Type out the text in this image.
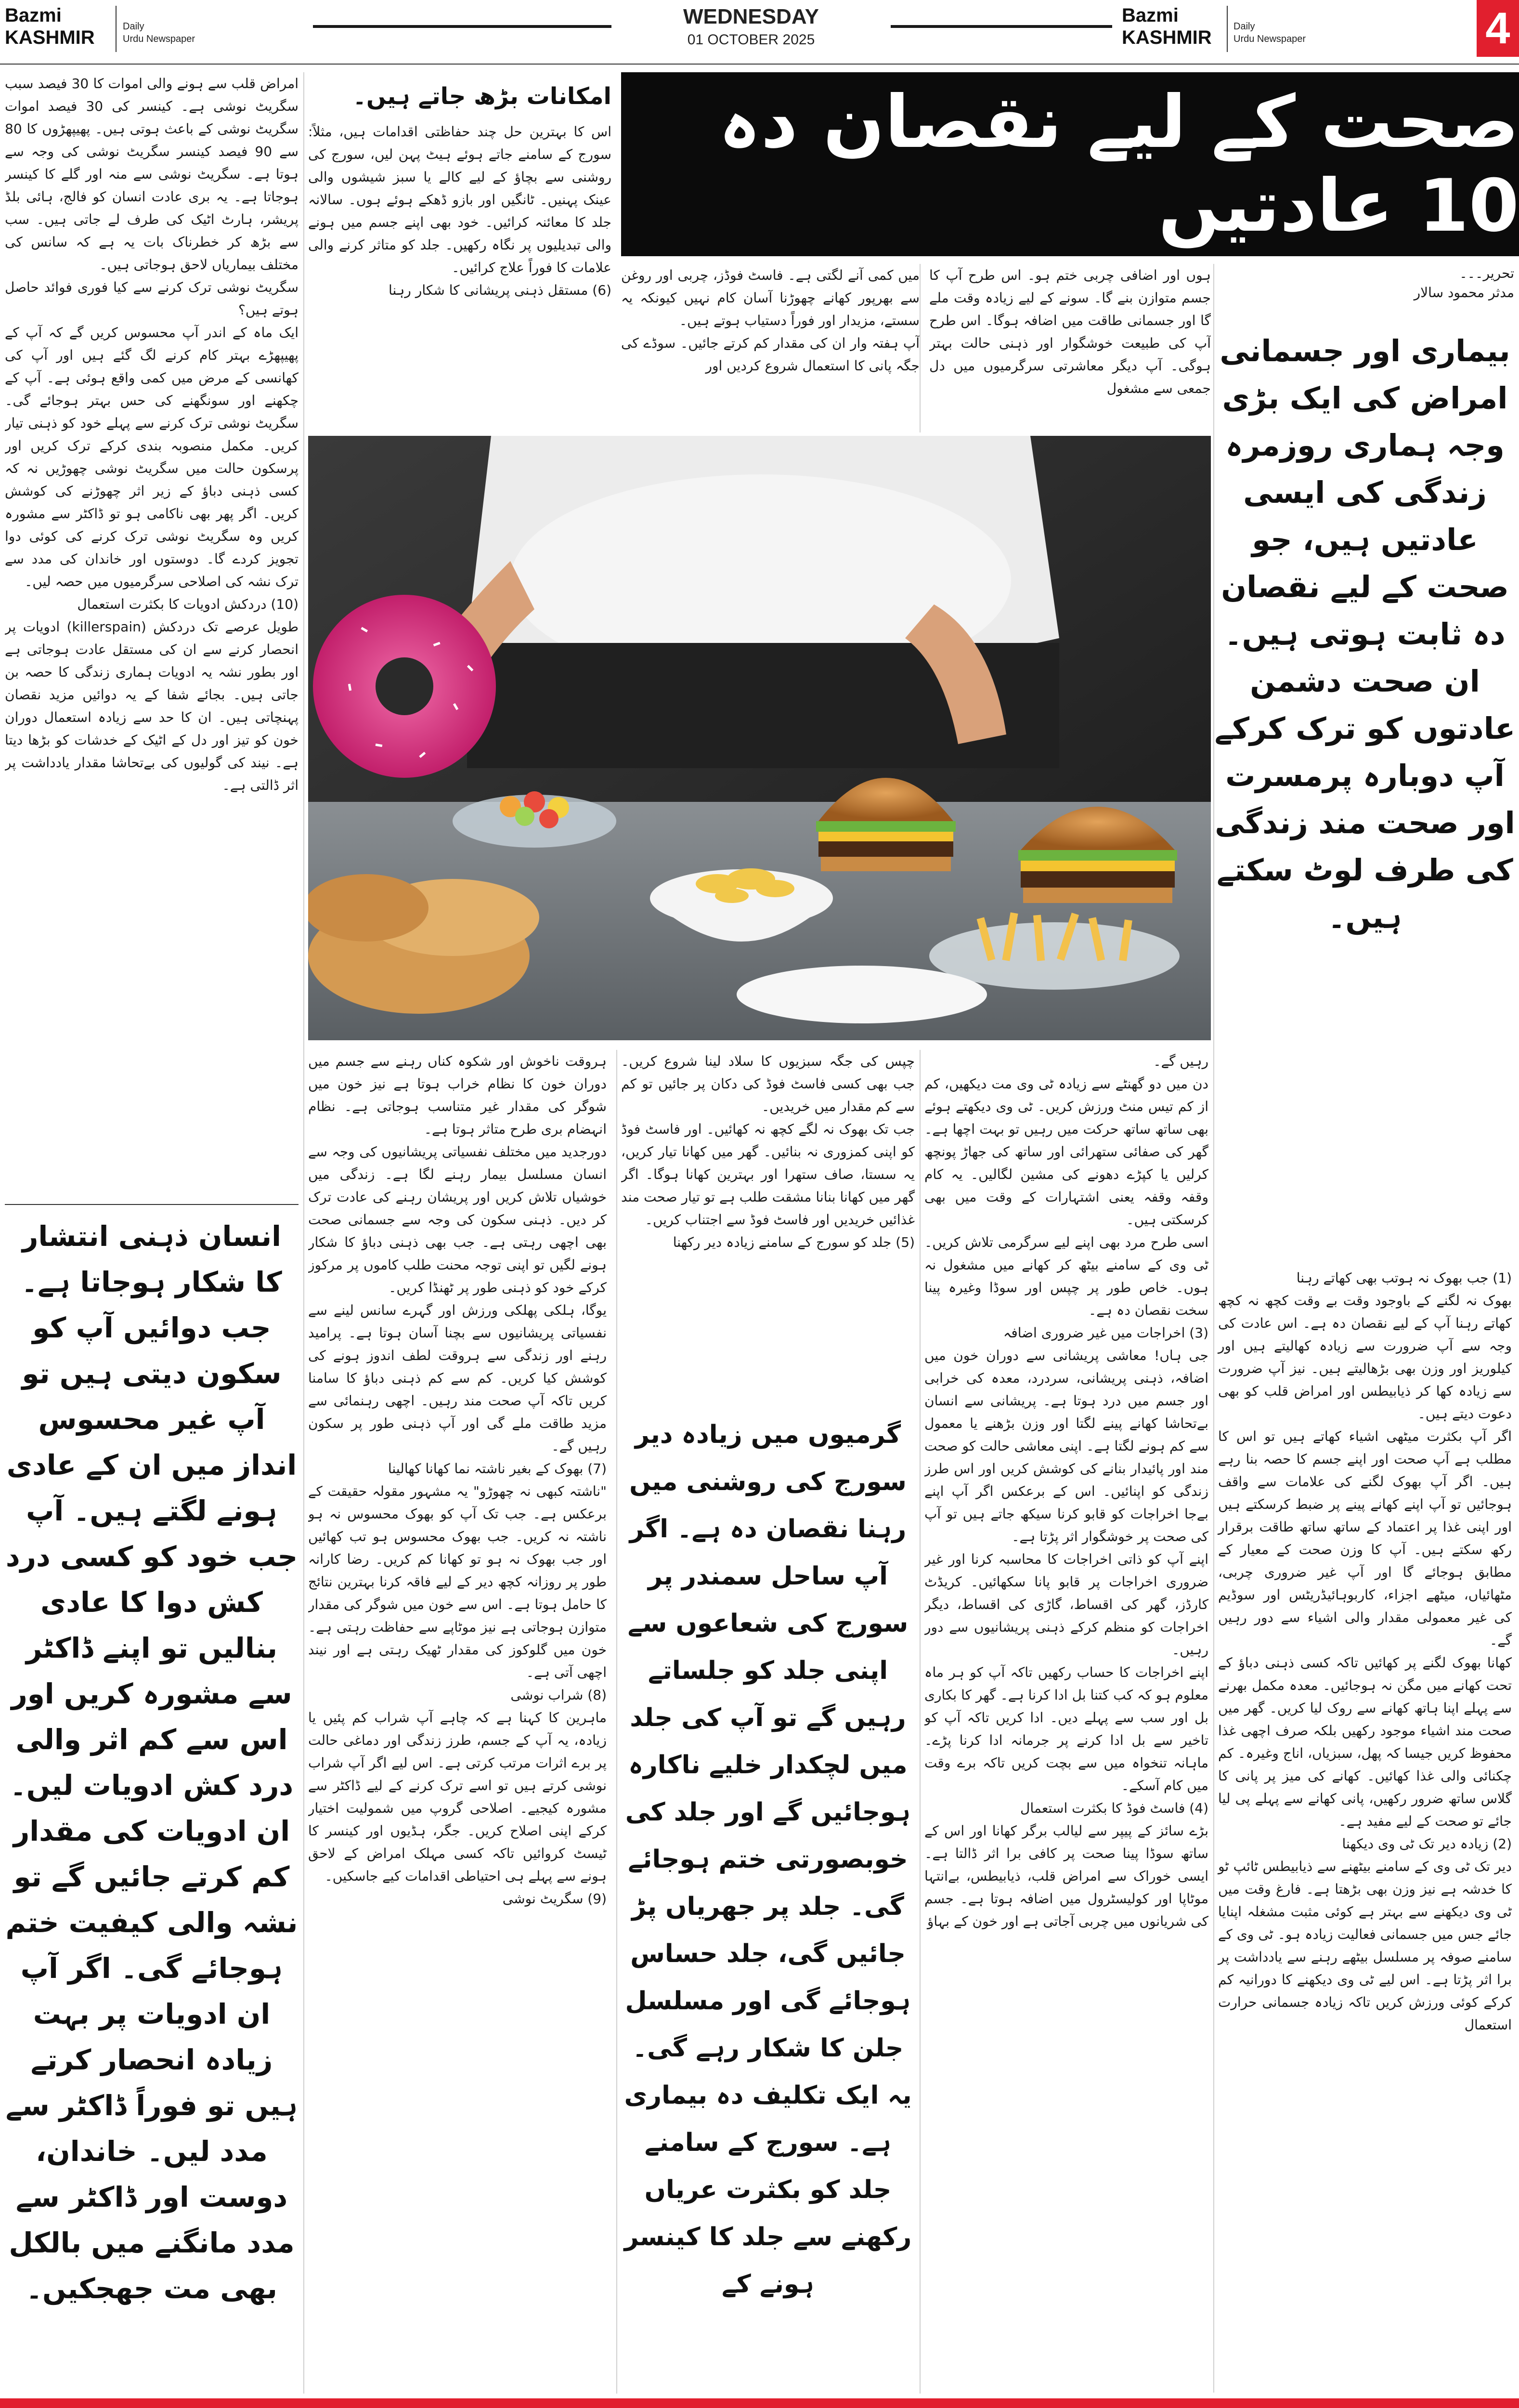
Bazmi
KASHMIR
Daily
Urdu Newspaper
WEDNESDAY
01 OCTOBER 2025
Bazmi
KASHMIR
Daily
Urdu Newspaper	4
صحت کے لیے نقصان دہ 10 عادتیں

تحریر۔۔۔
مدثر محمود سالار

بیماری اور جسمانی امراض کی ایک بڑی وجہ ہماری روزمرہ زندگی کی ایسی عادتیں ہیں، جو صحت کے لیے نقصان دہ ثابت ہوتی ہیں۔ان صحت دشمن عادتوں کو ترک کرکے آپ دوبارہ پرمسرت اور صحت مند زندگی کی طرف لوٹ سکتے ہیں۔

(1) جب بھوک نہ ہوتب بھی کھاتے رہنا
بھوک نہ لگنے کے باوجود وقت بے وقت کچھ نہ کچھ کھاتے رہنا آپ کے لیے نقصان دہ ہے۔ اس عادت کی وجہ سے آپ ضرورت سے زیادہ کھالیتے ہیں اور کیلوریز اور وزن بھی بڑھالیتے ہیں۔ نیز آپ ضرورت سے زیادہ کھا کر ذیابیطس اور امراض قلب کو بھی دعوت دیتے ہیں۔
اگر آپ بکثرت میٹھی اشیاء کھاتے ہیں تو اس کا مطلب ہے آپ صحت اور اپنے جسم کا حصہ بنا رہے ہیں۔ اگر آپ بھوک لگنے کی علامات سے واقف ہوجائیں تو آپ اپنے کھانے پینے پر ضبط کرسکتے ہیں اور اپنی غذا پر اعتماد کے ساتھ ساتھ طاقت برقرار رکھ سکتے ہیں۔ آپ کا وزن صحت کے معیار کے مطابق ہوجائے گا اور آپ غیر ضروری چربی، مٹھائیاں، میٹھے اجزاء، کاربوہائیڈریٹس اور سوڈیم کی غیر معمولی مقدار والی اشیاء سے دور رہیں گے۔
کھانا بھوک لگنے پر کھائیں تاکہ کسی ذہنی دباؤ کے تحت کھانے میں مگن نہ ہوجائیں۔ معدہ مکمل بھرنے سے پہلے اپنا ہاتھ کھانے سے روک لیا کریں۔ گھر میں صحت مند اشیاء موجود رکھیں بلکہ صرف اچھی غذا محفوظ کریں جیسا کہ پھل، سبزیاں، اناج وغیرہ۔ کم چکنائی والی غذا کھائیں۔ کھانے کی میز پر پانی کا گلاس ساتھ ضرور رکھیں، پانی کھانے سے پہلے پی لیا جائے تو صحت کے لیے مفید ہے۔
(2) زیادہ دیر تک ٹی وی دیکھنا
دیر تک ٹی وی کے سامنے بیٹھنے سے ذیابیطس ٹائپ ٹو کا خدشہ ہے نیز وزن بھی بڑھتا ہے۔ فارغ وقت میں ٹی وی دیکھنے سے بہتر ہے کوئی مثبت مشغلہ اپنایا جائے جس میں جسمانی فعالیت زیادہ ہو۔ ٹی وی کے سامنے صوفہ پر مسلسل بیٹھے رہنے سے یادداشت پر برا اثر پڑتا ہے۔ اس لیے ٹی وی دیکھنے کا دورانیہ کم کرکے کوئی ورزش کریں تاکہ زیادہ جسمانی حرارت استعمال

ہوں اور اضافی چربی ختم ہو۔ اس طرح آپ کا جسم متوازن بنے گا۔ سونے کے لیے زیادہ وقت ملے گا اور جسمانی طاقت میں اضافہ ہوگا۔ اس طرح آپ کی طبیعت خوشگوار اور ذہنی حالت بہتر ہوگی۔ آپ دیگر معاشرتی سرگرمیوں میں دل جمعی سے مشغول

میں کمی آنے لگتی ہے۔ فاسٹ فوڈز، چربی اور روغن سے بھرپور کھانے چھوڑنا آسان کام نہیں کیونکہ یہ سستے، مزیدار اور فوراً دستیاب ہوتے ہیں۔
آپ ہفتہ وار ان کی مقدار کم کرتے جائیں۔ سوڈے کی جگہ پانی کا استعمال شروع کردیں اور

امکانات بڑھ جاتے ہیں۔

اس کا بہترین حل چند حفاظتی اقدامات ہیں، مثلاً: سورج کے سامنے جاتے ہوئے ہیٹ پہن لیں، سورج کی روشنی سے بچاؤ کے لیے کالے یا سبز شیشوں والی عینک پہنیں۔ ٹانگیں اور بازو ڈھکے ہوئے ہوں۔ سالانہ جلد کا معائنہ کرائیں۔ خود بھی اپنے جسم میں ہونے والی تبدیلیوں پر نگاہ رکھیں۔ جلد کو متاثر کرنے والی علامات کا فوراً علاج کرائیں۔
(6) مستقل ذہنی پریشانی کا شکار رہنا

امراض قلب سے ہونے والی اموات کا 30 فیصد سبب سگریٹ نوشی ہے۔ کینسر کی 30 فیصد اموات سگریٹ نوشی کے باعث ہوتی ہیں۔ پھیپھڑوں کا 80 سے 90 فیصد کینسر سگریٹ نوشی کی وجہ سے ہوتا ہے۔ سگریٹ نوشی سے منہ اور گلے کا کینسر ہوجاتا ہے۔ یہ بری عادت انسان کو فالج، ہائی بلڈ پریشر، ہارٹ اٹیک کی طرف لے جاتی ہیں۔ سب سے بڑھ کر خطرناک بات یہ ہے کہ سانس کی مختلف بیماریاں لاحق ہوجاتی ہیں۔
سگریٹ نوشی ترک کرنے سے کیا فوری فوائد حاصل ہوتے ہیں؟
ایک ماہ کے اندر آپ محسوس کریں گے کہ آپ کے پھیپھڑے بہتر کام کرنے لگ گئے ہیں اور آپ کی کھانسی کے مرض میں کمی واقع ہوئی ہے۔ آپ کے چکھنے اور سونگھنے کی حس بہتر ہوجائے گی۔ سگریٹ نوشی ترک کرنے سے پہلے خود کو ذہنی تیار کریں۔ مکمل منصوبہ بندی کرکے ترک کریں اور پرسکون حالت میں سگریٹ نوشی چھوڑیں نہ کہ کسی ذہنی دباؤ کے زیر اثر چھوڑنے کی کوشش کریں۔ اگر پھر بھی ناکامی ہو تو ڈاکٹر سے مشورہ کریں وہ سگریٹ نوشی ترک کرنے کی کوئی دوا تجویز کردے گا۔ دوستوں اور خاندان کی مدد سے ترک نشہ کی اصلاحی سرگرمیوں میں حصہ لیں۔
(10) دردکش ادویات کا بکثرت استعمال
طویل عرصے تک دردکش (killerspain) ادویات پر انحصار کرنے سے ان کی مستقل عادت ہوجاتی ہے اور بطور نشہ یہ ادویات ہماری زندگی کا حصہ بن جاتی ہیں۔ بجائے شفا کے یہ دوائیں مزید نقصان پہنچاتی ہیں۔ ان کا حد سے زیادہ استعمال دوران خون کو تیز اور دل کے اٹیک کے خدشات کو بڑھا دیتا ہے۔ نیند کی گولیوں کی بےتحاشا مقدار یادداشت پر اثر ڈالتی ہے۔

انسان ذہنی انتشار کا شکار ہوجاتا ہے۔ جب دوائیں آپ کو سکون دیتی ہیں تو آپ غیر محسوس انداز میں ان کے عادی ہونے لگتے ہیں۔ آپ جب خود کو کسی درد کش دوا کا عادی بنالیں تو اپنے ڈاکٹر سے مشورہ کریں اور اس سے کم اثر والی درد کش ادویات لیں۔ ان ادویات کی مقدار کم کرتے جائیں گے تو نشہ والی کیفیت ختم ہوجائے گی۔ اگر آپ ان ادویات پر بہت زیادہ انحصار کرتے ہیں تو فوراً ڈاکٹر سے مدد لیں۔ خاندان، دوست اور ڈاکٹر سے مدد مانگنے میں بالکل بھی مت جھجکیں۔

ہروقت ناخوش اور شکوہ کناں رہنے سے جسم میں دوران خون کا نظام خراب ہوتا ہے نیز خون میں شوگر کی مقدار غیر متناسب ہوجاتی ہے۔ نظام انہضام بری طرح متاثر ہوتا ہے۔
دورجدید میں مختلف نفسیاتی پریشانیوں کی وجہ سے انسان مسلسل بیمار رہنے لگا ہے۔ زندگی میں خوشیاں تلاش کریں اور پریشان رہنے کی عادت ترک کر دیں۔ ذہنی سکون کی وجہ سے جسمانی صحت بھی اچھی رہتی ہے۔ جب بھی ذہنی دباؤ کا شکار ہونے لگیں تو اپنی توجہ محنت طلب کاموں پر مرکوز کرکے خود کو ذہنی طور پر ٹھنڈا کریں۔
یوگا، ہلکی پھلکی ورزش اور گہرے سانس لینے سے نفسیاتی پریشانیوں سے بچنا آسان ہوتا ہے۔ پرامید رہنے اور زندگی سے ہروقت لطف اندوز ہونے کی کوشش کیا کریں۔ کم سے کم ذہنی دباؤ کا سامنا کریں تاکہ آپ صحت مند رہیں۔ اچھی رہنمائی سے مزید طاقت ملے گی اور آپ ذہنی طور پر سکون رہیں گے۔
(7) بھوک کے بغیر ناشتہ نما کھانا کھالینا
"ناشتہ کبھی نہ چھوڑو" یہ مشہور مقولہ حقیقت کے برعکس ہے۔ جب تک آپ کو بھوک محسوس نہ ہو ناشتہ نہ کریں۔ جب بھوک محسوس ہو تب کھائیں اور جب بھوک نہ ہو تو کھانا کم کریں۔ رضا کارانہ طور پر روزانہ کچھ دیر کے لیے فاقہ کرنا بہترین نتائج کا حامل ہوتا ہے۔ اس سے خون میں شوگر کی مقدار متوازن ہوجاتی ہے نیز موٹاپے سے حفاظت رہتی ہے۔ خون میں گلوکوز کی مقدار ٹھیک رہتی ہے اور نیند اچھی آتی ہے۔
(8) شراب نوشی
ماہرین کا کہنا ہے کہ چاہے آپ شراب کم پئیں یا زیادہ، یہ آپ کے جسم، طرز زندگی اور دماغی حالت پر برے اثرات مرتب کرتی ہے۔ اس لیے اگر آپ شراب نوشی کرتے ہیں تو اسے ترک کرنے کے لیے ڈاکٹر سے مشورہ کیجیے۔ اصلاحی گروپ میں شمولیت اختیار کرکے اپنی اصلاح کریں۔ جگر، ہڈیوں اور کینسر کا ٹیسٹ کروائیں تاکہ کسی مہلک امراض کے لاحق ہونے سے پہلے ہی احتیاطی اقدامات کیے جاسکیں۔
(9) سگریٹ نوشی

چپس کی جگہ سبزیوں کا سلاد لینا شروع کریں۔ جب بھی کسی فاسٹ فوڈ کی دکان پر جائیں تو کم سے کم مقدار میں خریدیں۔
جب تک بھوک نہ لگے کچھ نہ کھائیں۔ اور فاسٹ فوڈ کو اپنی کمزوری نہ بنائیں۔ گھر میں کھانا تیار کریں، یہ سستا، صاف ستھرا اور بہترین کھانا ہوگا۔ اگر گھر میں کھانا بنانا مشقت طلب ہے تو تیار صحت مند غذائیں خریدیں اور فاسٹ فوڈ سے اجتناب کریں۔
(5) جلد کو سورج کے سامنے زیادہ دیر رکھنا

گرمیوں میں زیادہ دیر سورج کی روشنی میں رہنا نقصان دہ ہے۔ اگر آپ ساحل سمندر پر سورج کی شعاعوں سے اپنی جلد کو جلساتے رہیں گے تو آپ کی جلد میں لچکدار خلیے ناکارہ ہوجائیں گے اور جلد کی خوبصورتی ختم ہوجائے گی۔ جلد پر جھریاں پڑ جائیں گی، جلد حساس ہوجائے گی اور مسلسل جلن کا شکار رہے گی۔ یہ ایک تکلیف دہ بیماری ہے۔ سورج کے سامنے جلد کو بکثرت عریاں رکھنے سے جلد کا کینسر ہونے کے

رہیں گے۔
دن میں دو گھنٹے سے زیادہ ٹی وی مت دیکھیں، کم از کم تیس منٹ ورزش کریں۔ ٹی وی دیکھتے ہوئے بھی ساتھ ساتھ حرکت میں رہیں تو بہت اچھا ہے۔ گھر کی صفائی ستھرائی اور ساتھ کی جھاڑ پونچھ کرلیں یا کپڑے دھونے کی مشین لگالیں۔ یہ کام وقفہ وقفہ یعنی اشتہارات کے وقت میں بھی کرسکتی ہیں۔
اسی طرح مرد بھی اپنے لیے سرگرمی تلاش کریں۔ ٹی وی کے سامنے بیٹھ کر کھانے میں مشغول نہ ہوں۔ خاص طور پر چپس اور سوڈا وغیرہ پینا سخت نقصان دہ ہے۔
(3) اخراجات میں غیر ضروری اضافہ
جی ہاں! معاشی پریشانی سے دوران خون میں اضافہ، ذہنی پریشانی، سردرد، معدہ کی خرابی اور جسم میں درد ہوتا ہے۔ پریشانی سے انسان بےتحاشا کھانے پینے لگتا اور وزن بڑھنے یا معمول سے کم ہونے لگتا ہے۔ اپنی معاشی حالت کو صحت مند اور پائیدار بنانے کی کوشش کریں اور اس طرز زندگی کو اپنائیں۔ اس کے برعکس اگر آپ اپنے بےجا اخراجات کو قابو کرنا سیکھ جاتے ہیں تو آپ کی صحت پر خوشگوار اثر پڑتا ہے۔
اپنے آپ کو ذاتی اخراجات کا محاسبہ کرنا اور غیر ضروری اخراجات پر قابو پانا سکھائیں۔ کریڈٹ کارڈز، گھر کی اقساط، گاڑی کی اقساط، دیگر اخراجات کو منظم کرکے ذہنی پریشانیوں سے دور رہیں۔
اپنے اخراجات کا حساب رکھیں تاکہ آپ کو ہر ماہ معلوم ہو کہ کب کتنا بل ادا کرنا ہے۔ گھر کا بکاری بل اور سب سے پہلے دیں۔ ادا کریں تاکہ آپ کو تاخیر سے بل ادا کرنے پر جرمانہ ادا کرنا پڑے۔ ماہانہ تنخواہ میں سے بچت کریں تاکہ برے وقت میں کام آسکے۔
(4) فاسٹ فوڈ کا بکثرت استعمال
بڑے سائز کے پیپر سے لیالب برگر کھانا اور اس کے ساتھ سوڈا پینا صحت پر کافی برا اثر ڈالتا ہے۔ ایسی خوراک سے امراض قلب، ذیابیطس، بےانتہا موٹاپا اور کولیسٹرول میں اضافہ ہوتا ہے۔ جسم کی شریانوں میں چربی آجاتی ہے اور خون کے بہاؤ
